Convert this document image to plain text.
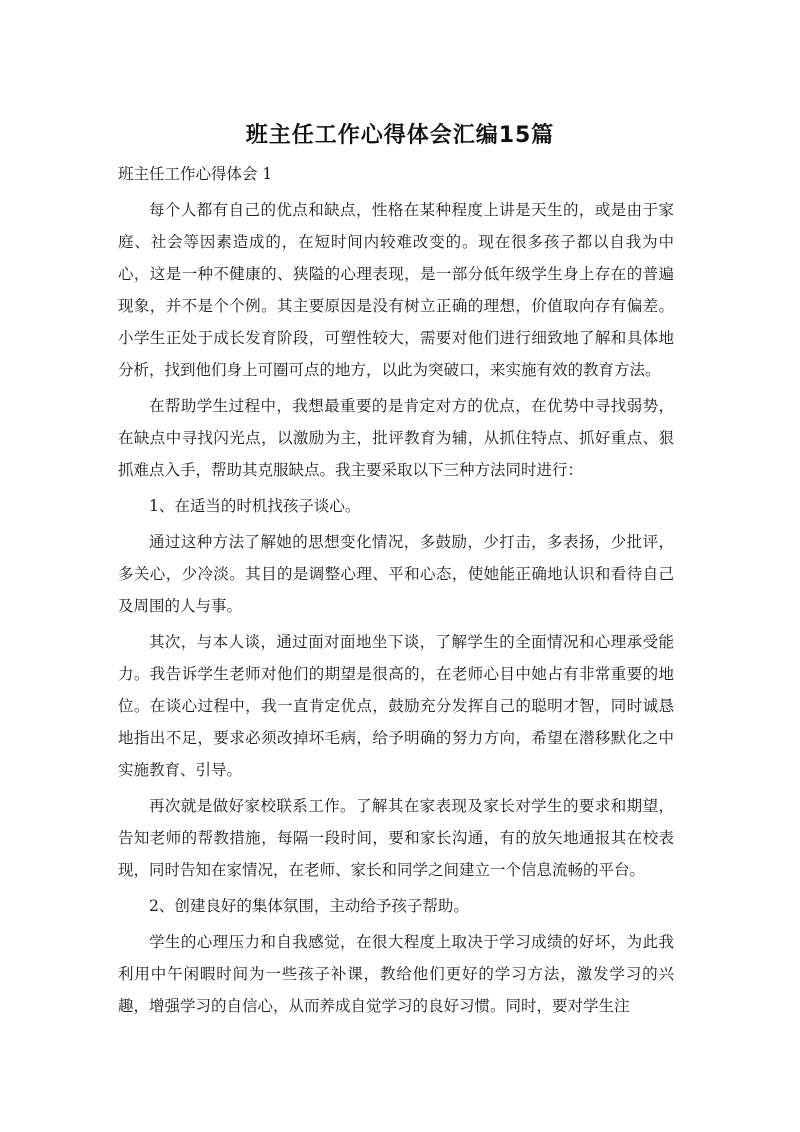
班主任工作心得体会汇编15篇

班主任工作心得体会 1

每个人都有自己的优点和缺点，性格在某种程度上讲是天生的，或是由于家庭、社会等因素造成的，在短时间内较难改变的。现在很多孩子都以自我为中心，这是一种不健康的、狭隘的心理表现，是一部分低年级学生身上存在的普遍现象，并不是个个例。其主要原因是没有树立正确的理想，价值取向存有偏差。小学生正处于成长发育阶段，可塑性较大，需要对他们进行细致地了解和具体地分析，找到他们身上可圈可点的地方，以此为突破口，来实施有效的教育方法。

在帮助学生过程中，我想最重要的是肯定对方的优点，在优势中寻找弱势，在缺点中寻找闪光点，以激励为主，批评教育为辅，从抓住特点、抓好重点、狠抓难点入手，帮助其克服缺点。我主要采取以下三种方法同时进行：

1、在适当的时机找孩子谈心。

通过这种方法了解她的思想变化情况，多鼓励，少打击，多表扬，少批评，多关心，少冷淡。其目的是调整心理、平和心态，使她能正确地认识和看待自己及周围的人与事。

其次，与本人谈，通过面对面地坐下谈，了解学生的全面情况和心理承受能力。我告诉学生老师对他们的期望是很高的，在老师心目中她占有非常重要的地位。在谈心过程中，我一直肯定优点，鼓励充分发挥自己的聪明才智，同时诚恳地指出不足，要求必须改掉坏毛病，给予明确的努力方向，希望在潜移默化之中实施教育、引导。

再次就是做好家校联系工作。了解其在家表现及家长对学生的要求和期望，告知老师的帮教措施，每隔一段时间，要和家长沟通，有的放矢地通报其在校表现，同时告知在家情况，在老师、家长和同学之间建立一个信息流畅的平台。

2、创建良好的集体氛围，主动给予孩子帮助。

学生的心理压力和自我感觉，在很大程度上取决于学习成绩的好坏，为此我利用中午闲暇时间为一些孩子补课，教给他们更好的学习方法，激发学习的兴趣，增强学习的自信心，从而养成自觉学习的良好习惯。同时，要对学生注
